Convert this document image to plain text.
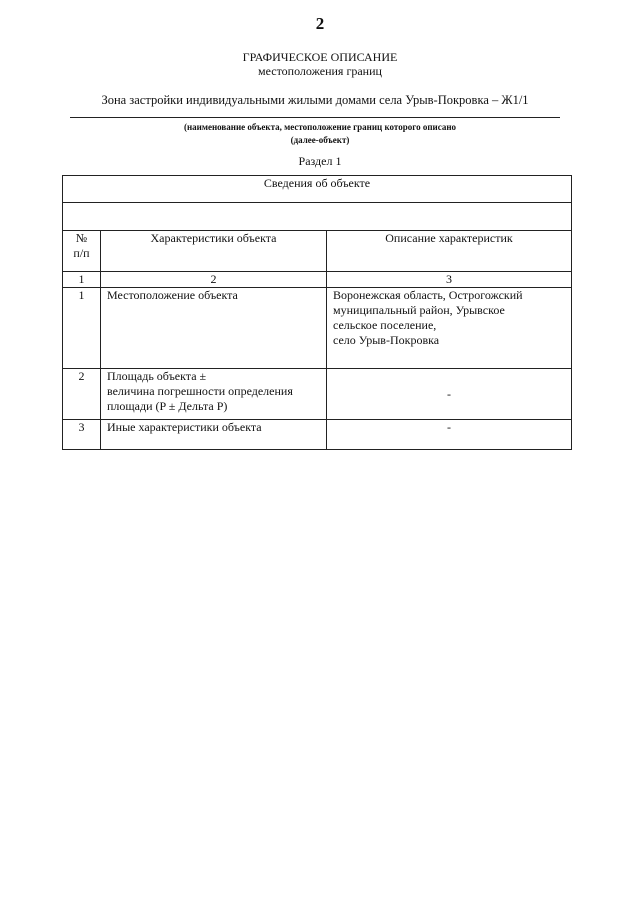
2
ГРАФИЧЕСКОЕ ОПИСАНИЕ
местоположения границ
Зона застройки индивидуальными жилыми домами села Урыв-Покровка – Ж1/1
(наименование объекта, местоположение границ которого описано
(далее-объект)
Раздел 1
Сведения об объекте		

№
п/п	Характеристики объекта	Описание характеристик
1	2	3
1	Местоположение объекта	Воронежская область, Острогожский
муниципальный район, Урывское
сельское поселение,
село Урыв-Покровка
2	Площадь объекта ±
величина погрешности определения
площади (P ± Дельта P)	-
3	Иные характеристики объекта	-
